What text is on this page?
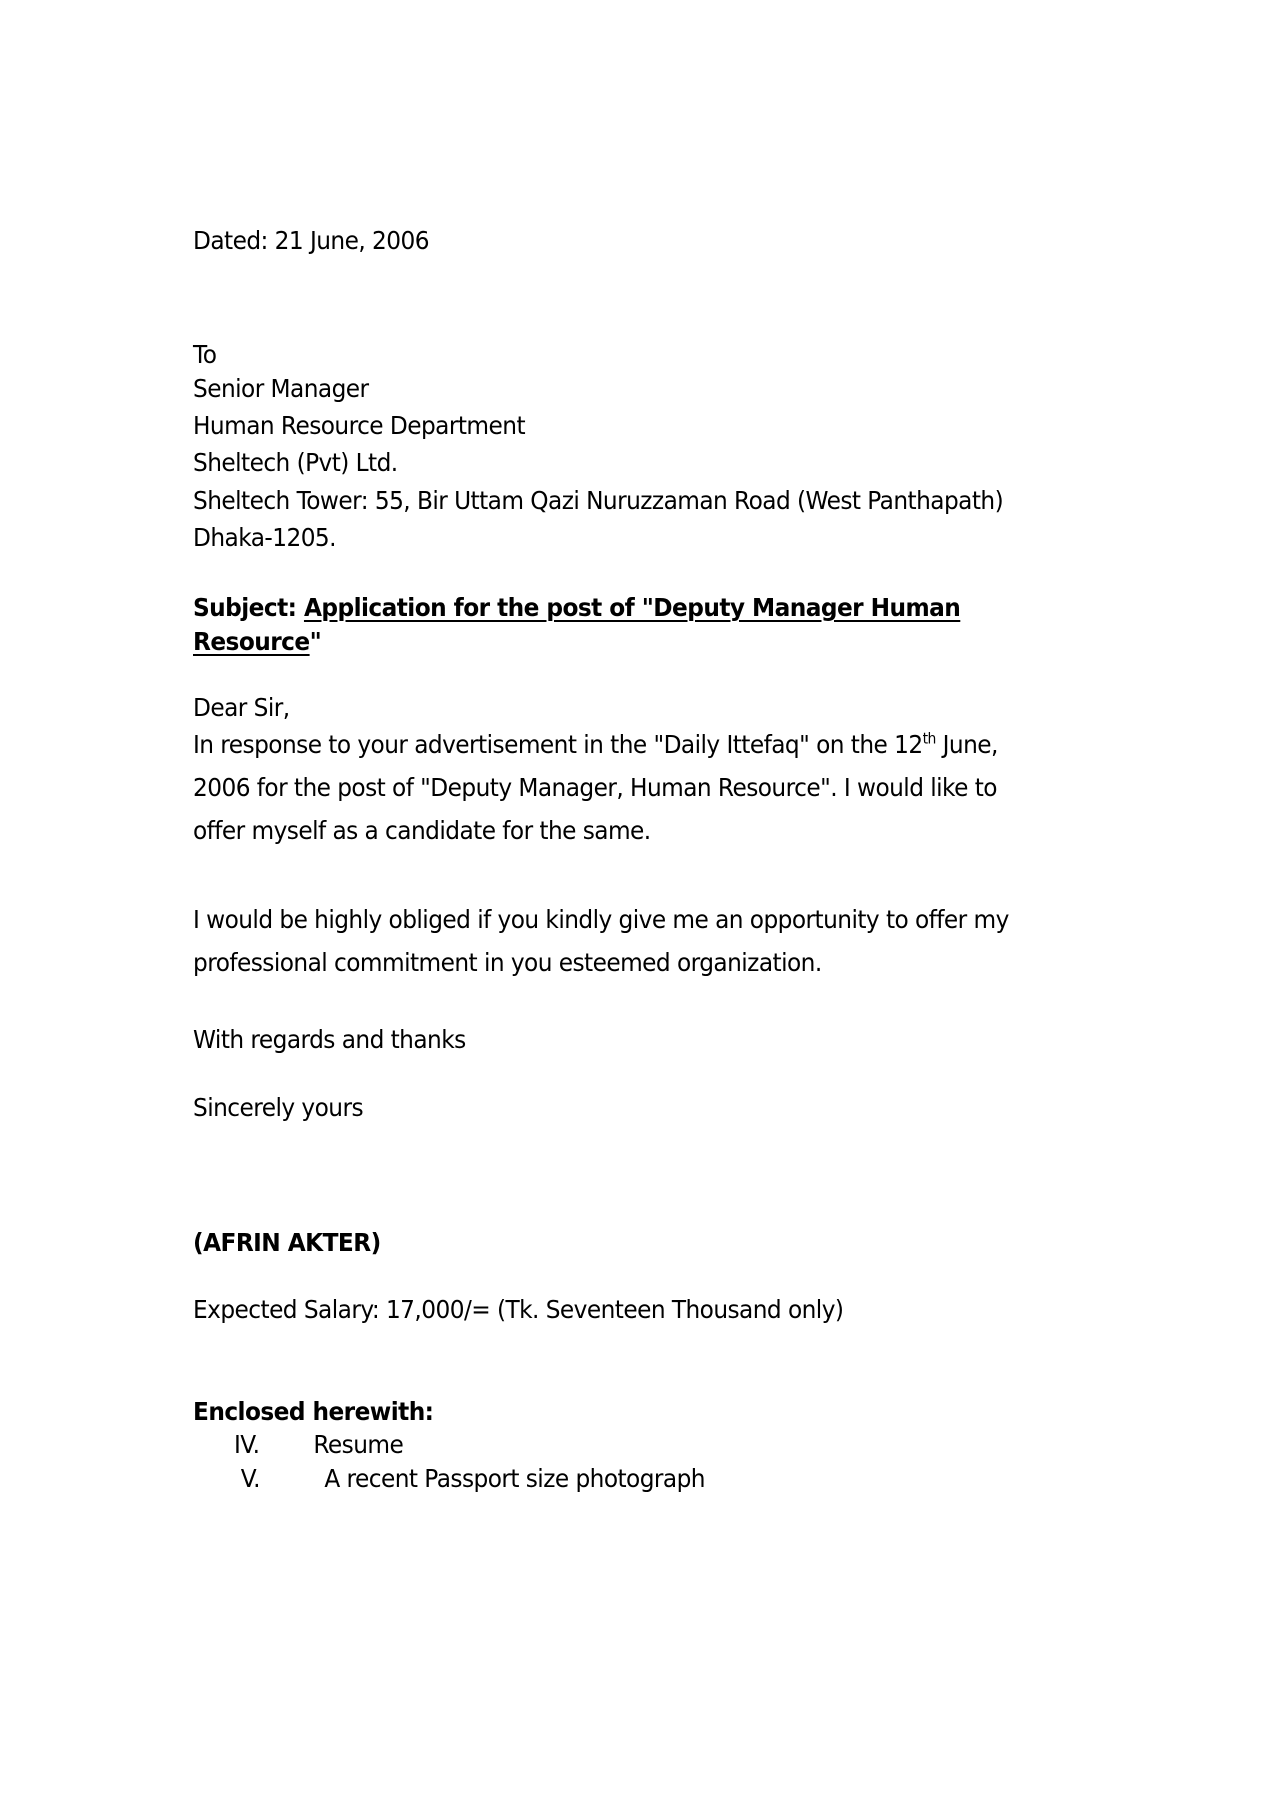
Dated: 21 June, 2006
To
Senior Manager
Human Resource Department
Sheltech (Pvt) Ltd.
Sheltech Tower: 55, Bir Uttam Qazi Nuruzzaman Road (West Panthapath)
Dhaka-1205.
Subject: Application for the post of "Deputy Manager Human
Resource"
Dear Sir,
In response to your advertisement in the "Daily Ittefaq" on the 12th June,
2006 for the post of "Deputy Manager, Human Resource". I would like to
offer myself as a candidate for the same.
I would be highly obliged if you kindly give me an opportunity to offer my
professional commitment in you esteemed organization.
With regards and thanks
Sincerely yours
(AFRIN AKTER)
Expected Salary: 17,000/= (Tk. Seventeen Thousand only)
Enclosed herewith:
IV. Resume
V.	A recent Passport size photograph
